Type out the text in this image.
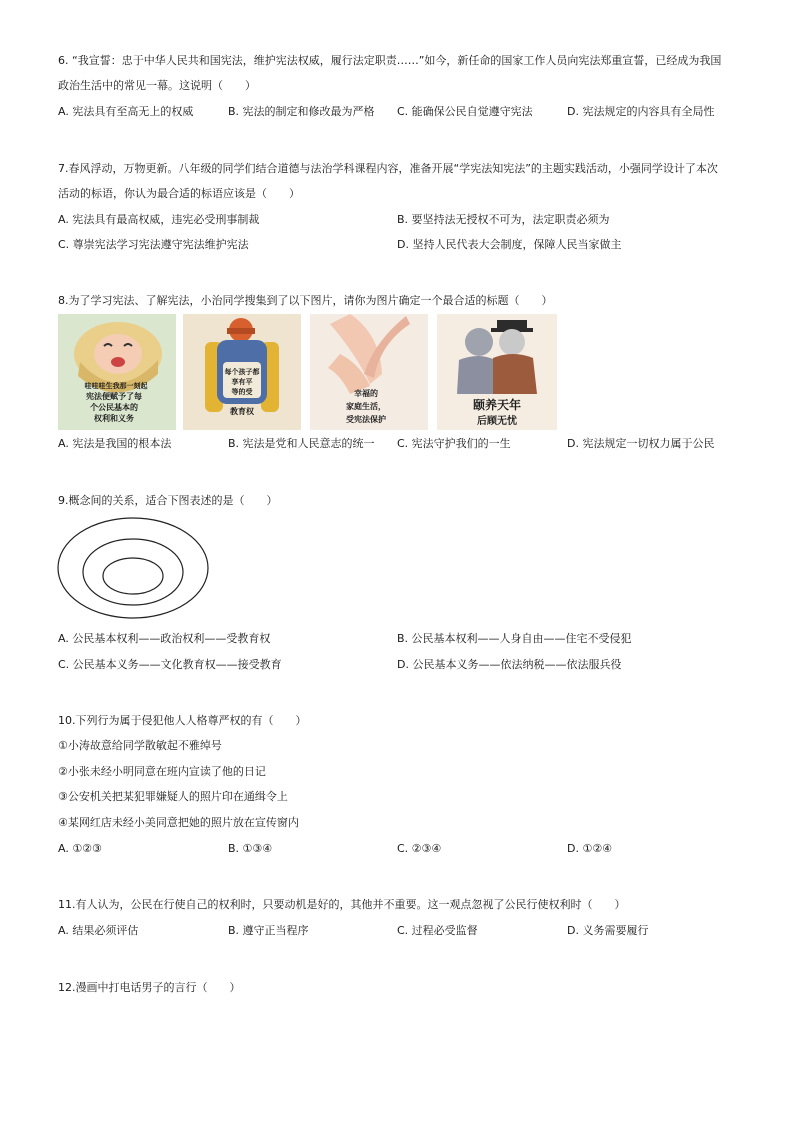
6. “我宣誓：忠于中华人民共和国宪法，维护宪法权威，履行法定职责……”如今，新任命的国家工作人员向宪法郑重宣誓，已经成为我国
政治生活中的常见一幕。这说明（　　）
A. 宪法具有至高无上的权威	B. 宪法的制定和修改最为严格 C. 能确保公民自觉遵守宪法	D. 宪法规定的内容具有全局性
7.春风浮动，万物更新。八年级的同学们结合道德与法治学科课程内容，准备开展“学宪法知宪法”的主题实践活动，小强同学设计了本次
活动的标语，你认为最合适的标语应该是（　　）
A. 宪法具有最高权威，违宪必受刑事制裁	B. 要坚持法无授权不可为，法定职责必须为
C. 尊崇宪法学习宪法遵守宪法维护宪法	D. 坚持人民代表大会制度，保障人民当家做主
8.为了学习宪法、了解宪法，小治同学搜集到了以下图片，请你为图片确定一个最合适的标题（　　）
哇哇哇生我那一刻起
宪法便赋予了每
个公民基本的
权利和义务
每个孩子都
享有平
等的受
教育权
幸福的
家庭生活，
受宪法保护
颐养天年
后顾无忧
A. 宪法是我国的根本法	B. 宪法是党和人民意志的统一 C. 宪法守护我们的一生	D. 宪法规定一切权力属于公民
9.概念间的关系，适合下图表述的是（　　）
A. 公民基本权利——政治权利——受教育权	B. 公民基本权利——人身自由——住宅不受侵犯
C. 公民基本义务——文化教育权——接受教育	D. 公民基本义务——依法纳税——依法服兵役
10.下列行为属于侵犯他人人格尊严权的有（　　）
①小涛故意给同学散敏起不雅绰号
②小张未经小明同意在班内宣读了他的日记
③公安机关把某犯罪嫌疑人的照片印在通缉令上
④某网红店未经小美同意把她的照片放在宣传窗内
A. ①②③	B. ①③④	C. ②③④	D. ①②④
11.有人认为，公民在行使自己的权利时，只要动机是好的，其他并不重要。这一观点忽视了公民行使权利时（　　）
A. 结果必须评估	B. 遵守正当程序	C. 过程必受监督	D. 义务需要履行
12.漫画中打电话男子的言行（　　）
